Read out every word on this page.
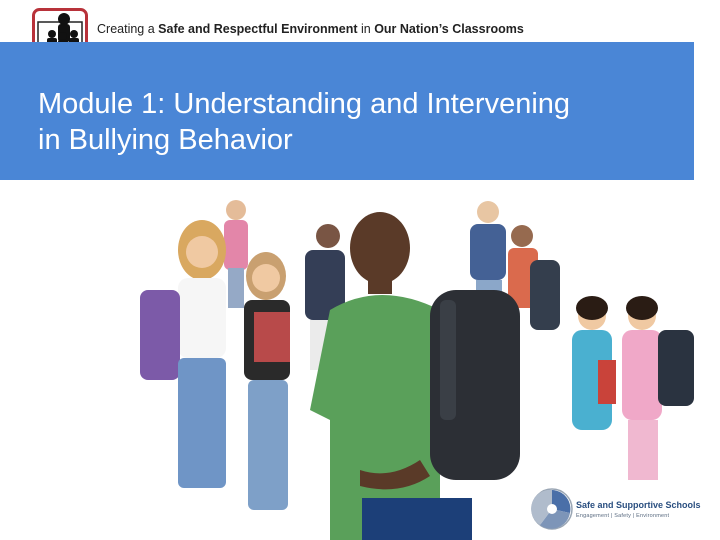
Creating a Safe and Respectful Environment in Our Nation’s Classrooms
Module 1: Understanding and Intervening
in Bullying Behavior
Safe and Supportive Schools
Engagement | Safety | Environment
